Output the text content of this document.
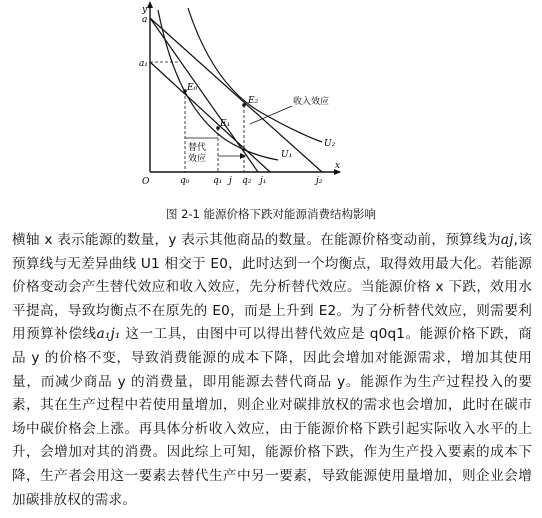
y
a
a₁
O
x
E₀
E₁
E₂
q₀	q₁ j q₂ j₁	j₂
U₁
U₂
收入效应
替代
效应
图 2-1 能源价格下跌对能源消费结构影响
横轴 x 表示能源的数量，y 表示其他商品的数量。在能源价格变动前，预算线为aj,该预算线与无差异曲线 U1 相交于 E0，此时达到一个均衡点，取得效用最大化。若能源价格变动会产生替代效应和收入效应，先分析替代效应。当能源价格 x 下跌，效用水平提高，导致均衡点不在原先的 E0，而是上升到 E2。为了分析替代效应，则需要利用预算补偿线a₁j₁ 这一工具，由图中可以得出替代效应是 q0q1。能源价格下跌，商品 y 的价格不变，导致消费能源的成本下降，因此会增加对能源需求，增加其使用量，而减少商品 y 的消费量，即用能源去替代商品 y。能源作为生产过程投入的要素，其在生产过程中若使用量增加，则企业对碳排放权的需求也会增加，此时在碳市场中碳价格会上涨。再具体分析收入效应，由于能源价格下跌引起实际收入水平的上升，会增加对其的消费。因此综上可知，能源价格下跌，作为生产投入要素的成本下降，生产者会用这一要素去替代生产中另一要素，导致能源使用量增加，则企业会增加碳排放权的需求。
